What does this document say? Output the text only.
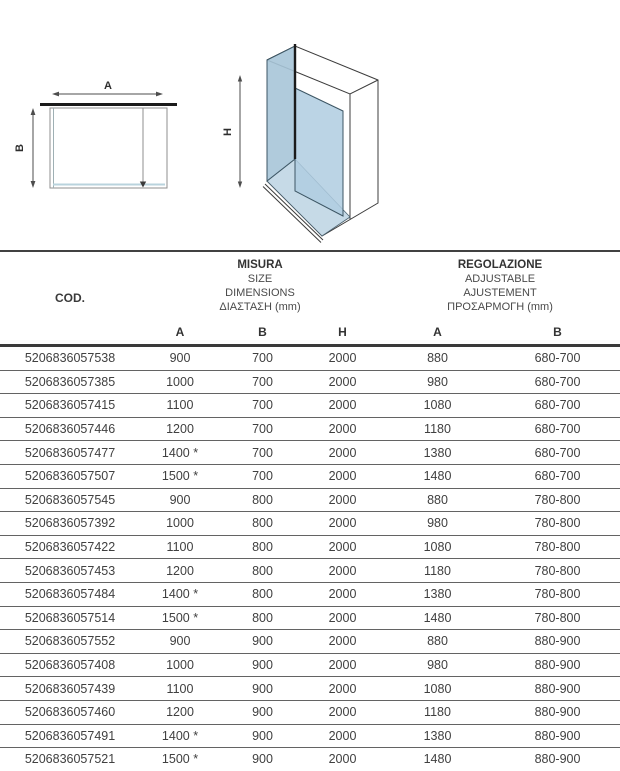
A
B
H
COD.	
MISURA
SIZE
DIMENSIONS
ΔΙΑΣΤΑΣΗ (mm)

REGOLAZIONE
ADJUSTABLE
AJUSTEMENT
ΠΡΟΣΑΡΜΟΓΗ (mm)

	A	B	H	A	B
5206836057538	900	700	2000	880	680-700
5206836057385	1000	700	2000	980	680-700
5206836057415	1100	700	2000	1080	680-700
5206836057446	1200	700	2000	1180	680-700
5206836057477	1400 *	700	2000	1380	680-700
5206836057507	1500 *	700	2000	1480	680-700
5206836057545	900	800	2000	880	780-800
5206836057392	1000	800	2000	980	780-800
5206836057422	1100	800	2000	1080	780-800
5206836057453	1200	800	2000	1180	780-800
5206836057484	1400 *	800	2000	1380	780-800
5206836057514	1500 *	800	2000	1480	780-800
5206836057552	900	900	2000	880	880-900
5206836057408	1000	900	2000	980	880-900
5206836057439	1100	900	2000	1080	880-900
5206836057460	1200	900	2000	1180	880-900
5206836057491	1400 *	900	2000	1380	880-900
5206836057521	1500 *	900	2000	1480	880-900
